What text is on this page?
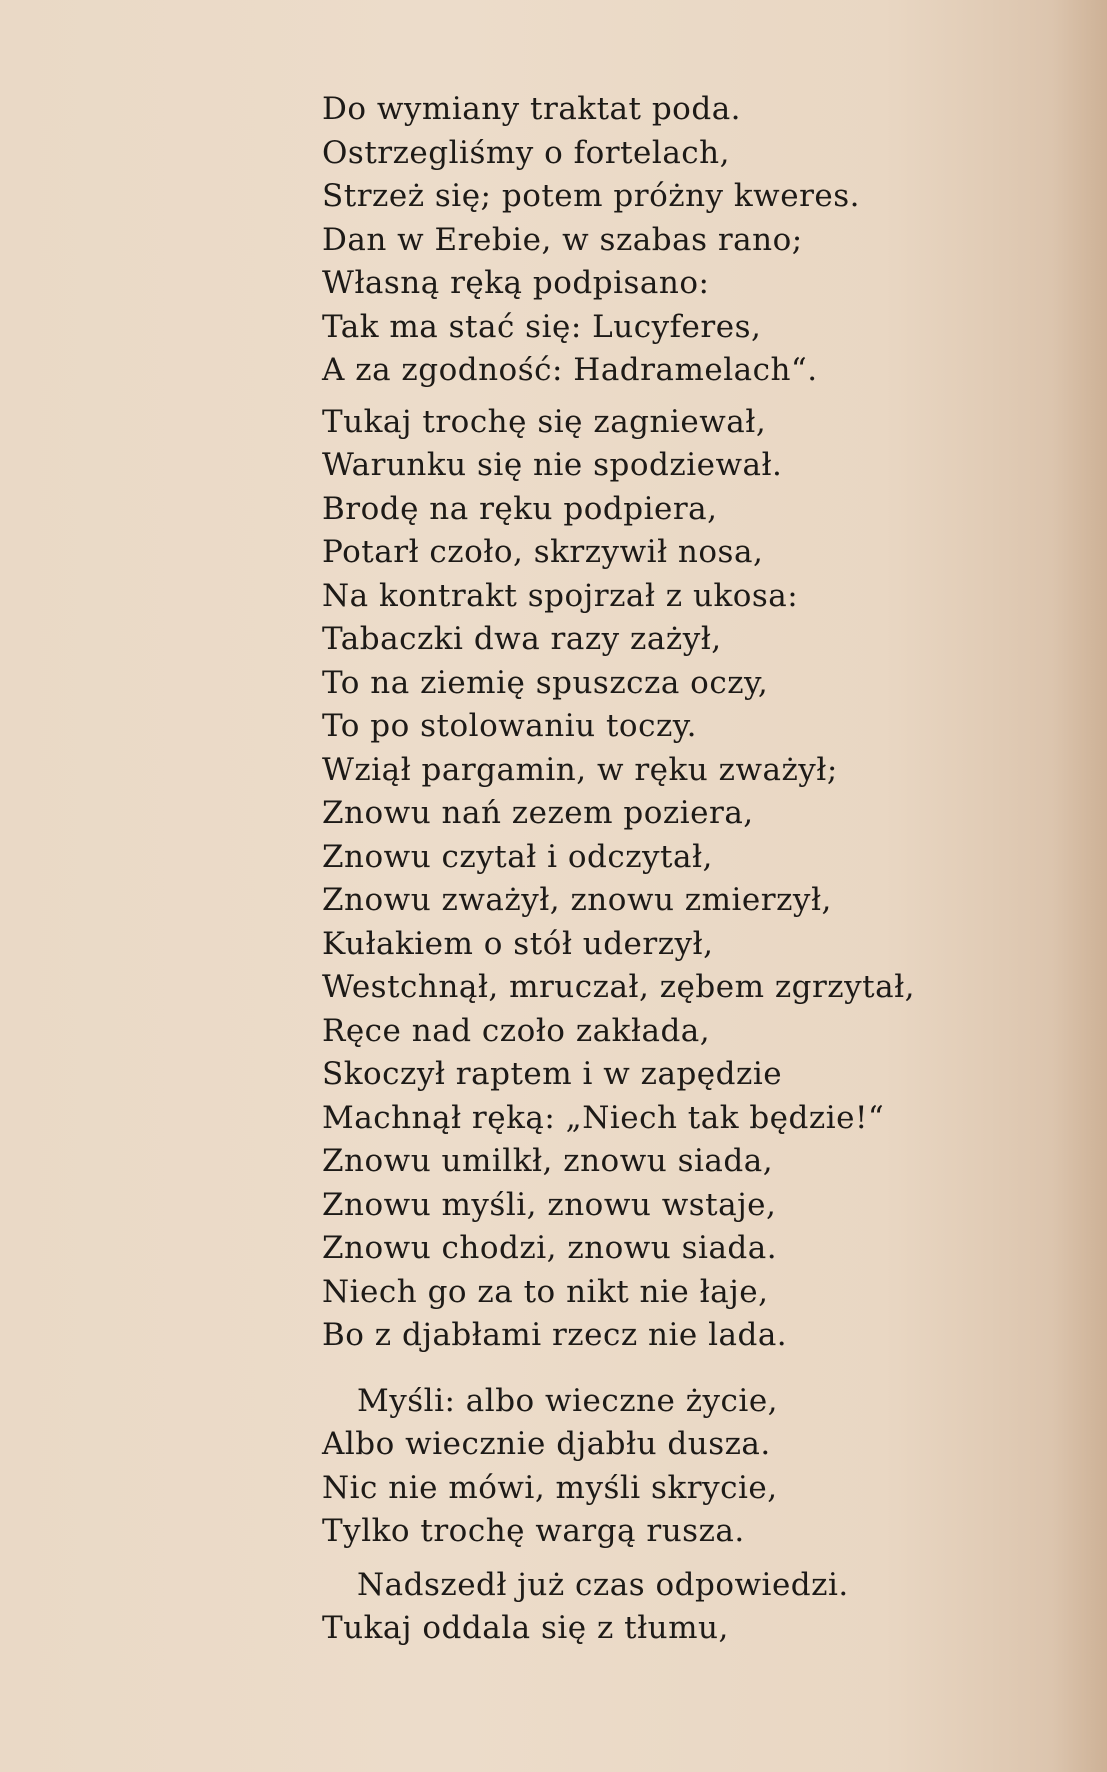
Do wymiany traktat poda.
Ostrzegliśmy o fortelach,
Strzeż się; potem próżny kweres.
Dan w Erebie, w szabas rano;
Własną ręką podpisano:
Tak ma stać się: Lucyferes,
A za zgodność: Hadramelach“.
Tukaj trochę się zagniewał,
Warunku się nie spodziewał.
Brodę na ręku podpiera,
Potarł czoło, skrzywił nosa,
Na kontrakt spojrzał z ukosa:
Tabaczki dwa razy zażył,
To na ziemię spuszcza oczy,
To po stolowaniu toczy.
Wziął pargamin, w ręku zważył;
Znowu nań zezem poziera,
Znowu czytał i odczytał,
Znowu zważył, znowu zmierzył,
Kułakiem o stół uderzył,
Westchnął, mruczał, zębem zgrzytał,
Ręce nad czoło zakłada,
Skoczył raptem i w zapędzie
Machnął ręką: „Niech tak będzie!“
Znowu umilkł, znowu siada,
Znowu myśli, znowu wstaje,
Znowu chodzi, znowu siada.
Niech go za to nikt nie łaje,
Bo z djabłami rzecz nie lada.
Myśli: albo wieczne życie,
Albo wiecznie djabłu dusza.
Nic nie mówi, myśli skrycie,
Tylko trochę wargą rusza.
Nadszedł już czas odpowiedzi.
Tukaj oddala się z tłumu,
